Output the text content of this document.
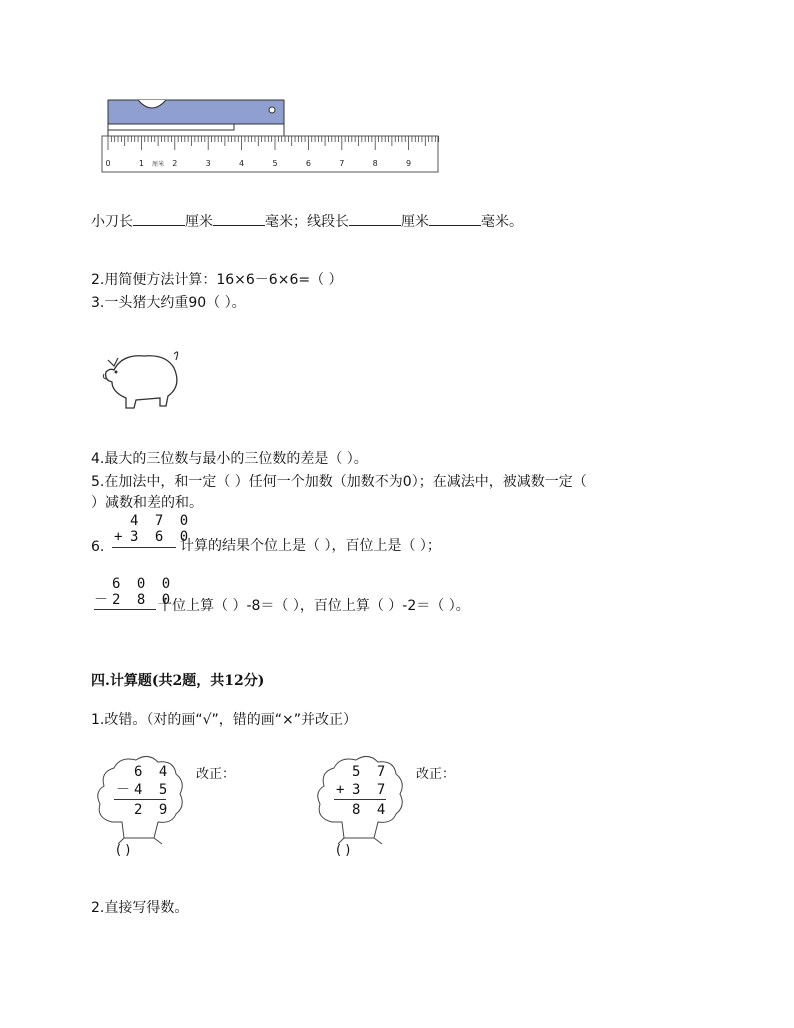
0	1	2	3	4	5	6	7	8	9
厘米
小刀长	厘米	毫米；线段长	厘米	毫米。
2.用简便方法计算：16×6－6×6=（ ）
3.一头猪大约重90（ ）。
4.最大的三位数与最小的三位数的差是（ ）。
5.在加法中，和一定（ ）任何一个加数（加数不为0）；在减法中，被减数一定（
）减数和差的和。
6.
4 7 0
+ 3 6 0
计算的结果个位上是（ ），百位上是（ ）；
6 0 0
－ 2 8 0
十位上算（ ）-8＝（ ），百位上算（ ）-2＝（ ）。
四.计算题(共2题，共12分)
1.改错。（对的画“√”，错的画“×”并改正）
6 4
－ 4 5
2 9
( )
改正：	5 7
+ 3 7
8 4
( )
改正：
2.直接写得数。
